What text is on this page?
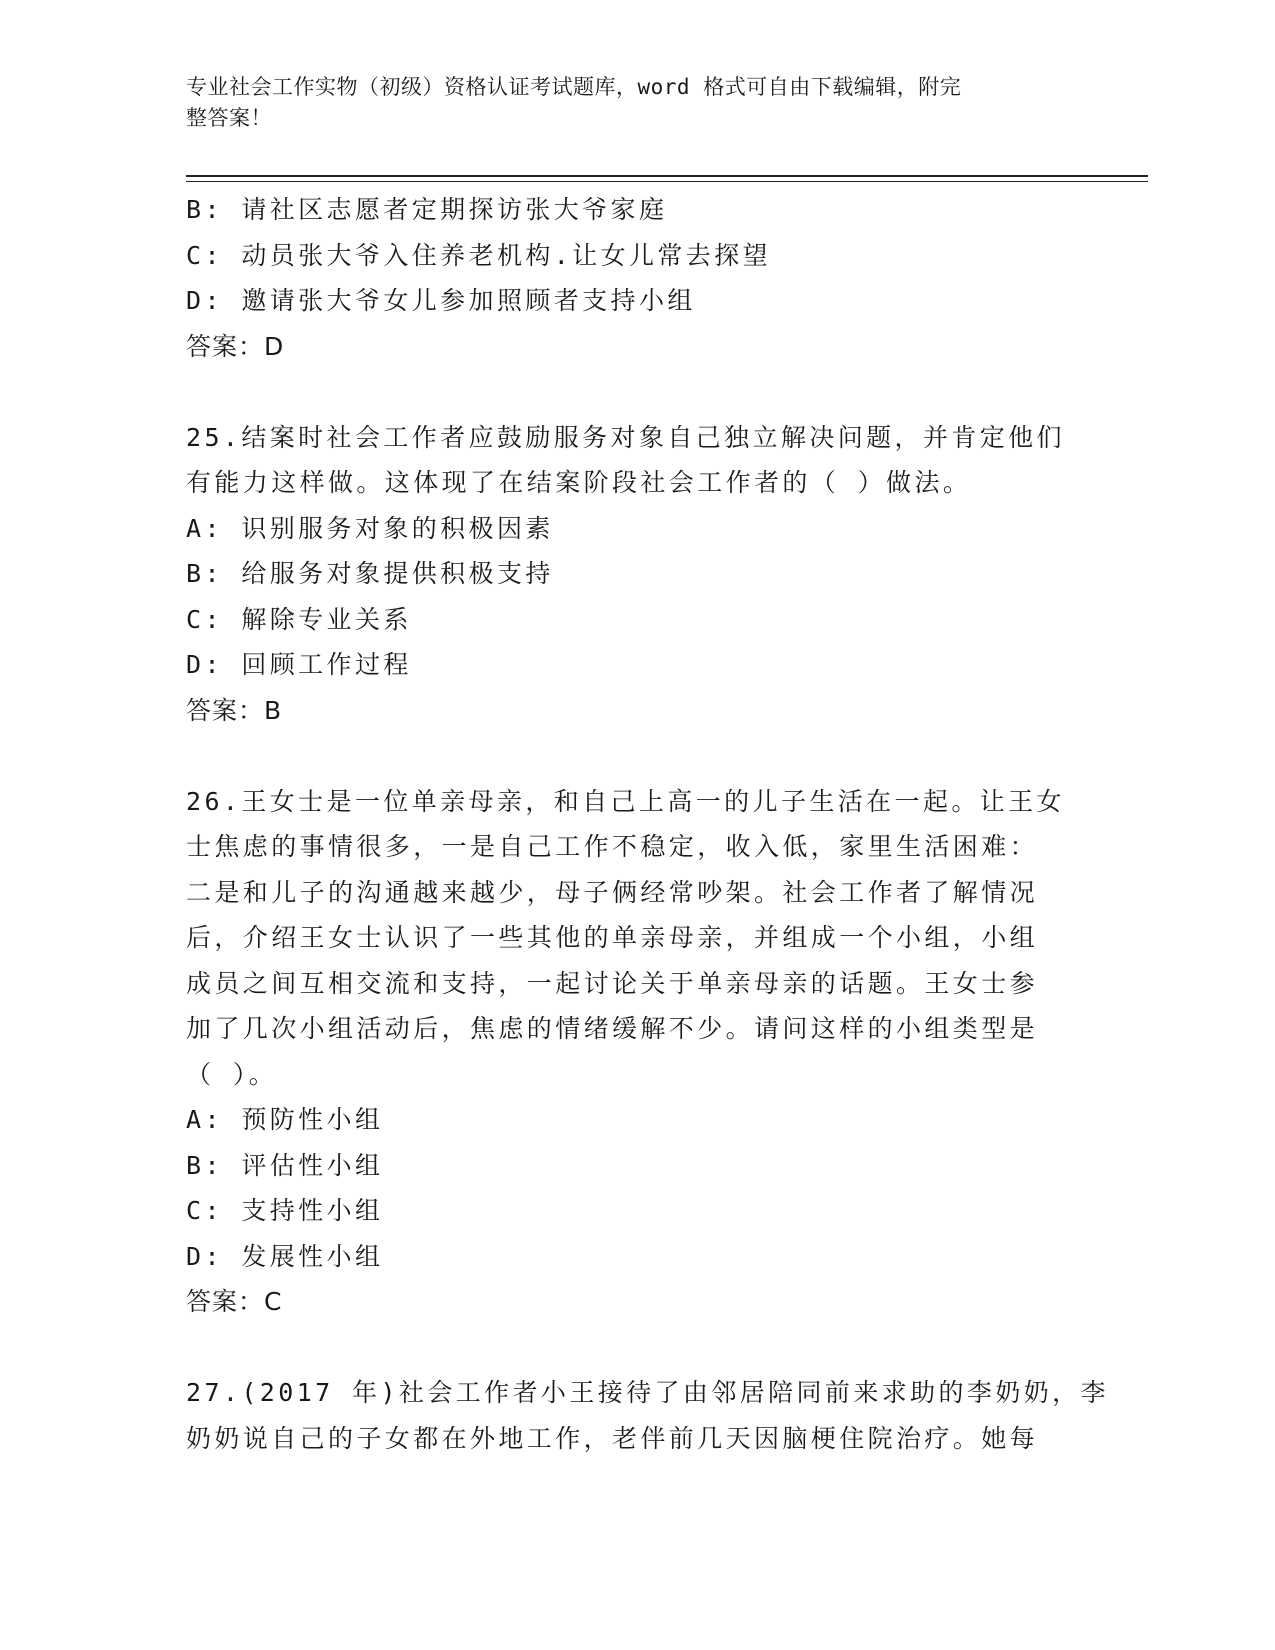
专业社会工作实物（初级）资格认证考试题库，word 格式可自由下载编辑，附完
整答案！
B: 请社区志愿者定期探访张大爷家庭
C: 动员张大爷入住养老机构.让女儿常去探望
D: 邀请张大爷女儿参加照顾者支持小组
答案：D
25.结案时社会工作者应鼓励服务对象自己独立解决问题，并肯定他们
有能力这样做。这体现了在结案阶段社会工作者的（ ）做法。
A: 识别服务对象的积极因素
B: 给服务对象提供积极支持
C: 解除专业关系
D: 回顾工作过程
答案：B
26.王女士是一位单亲母亲，和自己上高一的儿子生活在一起。让王女
士焦虑的事情很多，一是自己工作不稳定，收入低，家里生活困难：
二是和儿子的沟通越来越少，母子俩经常吵架。社会工作者了解情况
后，介绍王女士认识了一些其他的单亲母亲，并组成一个小组，小组
成员之间互相交流和支持，一起讨论关于单亲母亲的话题。王女士参
加了几次小组活动后，焦虑的情绪缓解不少。请问这样的小组类型是
（ ）。
A: 预防性小组
B: 评估性小组
C: 支持性小组
D: 发展性小组
答案：C
27.(2017 年)社会工作者小王接待了由邻居陪同前来求助的李奶奶，李
奶奶说自己的子女都在外地工作，老伴前几天因脑梗住院治疗。她每
